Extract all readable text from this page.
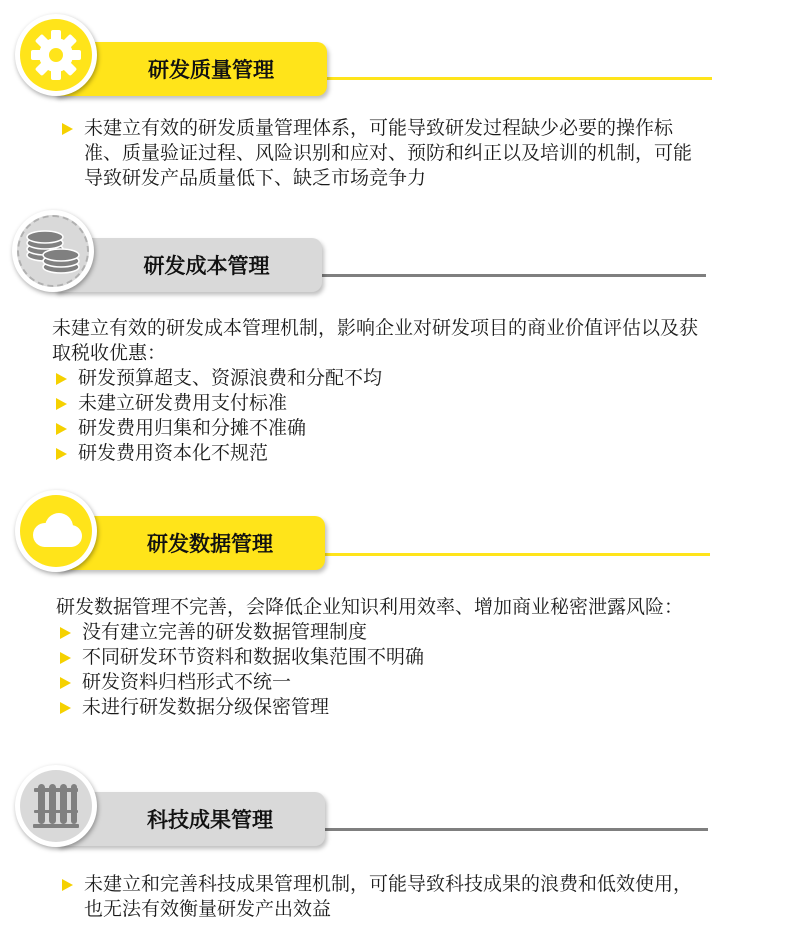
研发质量管理
未建立有效的研发质量管理体系，可能导致研发过程缺少必要的操作标准、质量验证过程、风险识别和应对、预防和纠正以及培训的机制，可能导致研发产品质量低下、缺乏市场竞争力
研发成本管理
未建立有效的研发成本管理机制，影响企业对研发项目的商业价值评估以及获取税收优惠：
研发预算超支、资源浪费和分配不均
未建立研发费用支付标准
研发费用归集和分摊不准确
研发费用资本化不规范
研发数据管理
研发数据管理不完善，会降低企业知识利用效率、增加商业秘密泄露风险：
没有建立完善的研发数据管理制度
不同研发环节资料和数据收集范围不明确
研发资料归档形式不统一
未进行研发数据分级保密管理
科技成果管理
未建立和完善科技成果管理机制，可能导致科技成果的浪费和低效使用，也无法有效衡量研发产出效益
